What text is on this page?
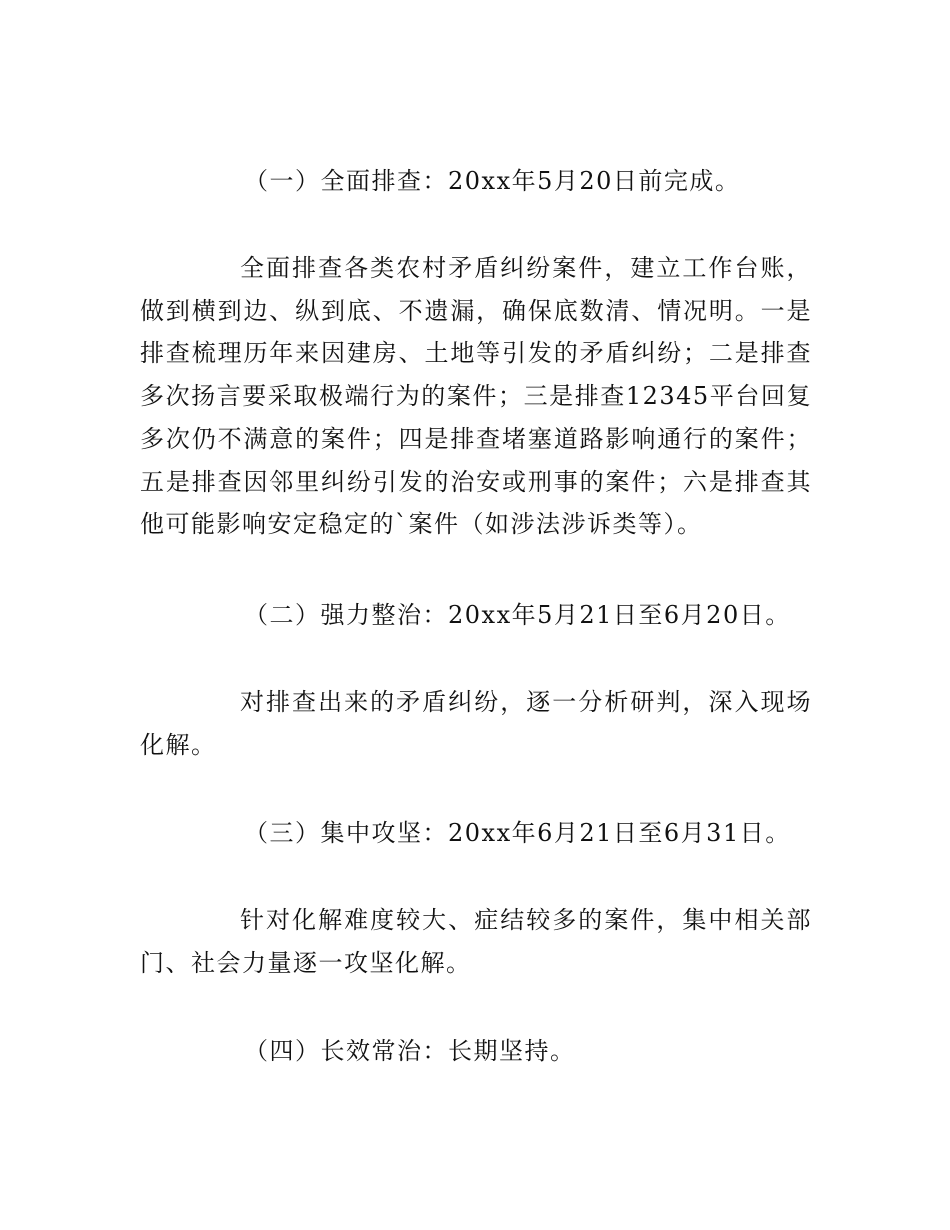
（一）全面排查：20xx年5月20日前完成。

全面排查各类农村矛盾纠纷案件，建立工作台账，做到横到边、纵到底、不遗漏，确保底数清、情况明。一是排查梳理历年来因建房、土地等引发的矛盾纠纷；二是排查多次扬言要采取极端行为的案件；三是排查12345平台回复多次仍不满意的案件；四是排查堵塞道路影响通行的案件；五是排查因邻里纠纷引发的治安或刑事的案件；六是排查其他可能影响安定稳定的`案件（如涉法涉诉类等）。

（二）强力整治：20xx年5月21日至6月20日。

对排查出来的矛盾纠纷，逐一分析研判，深入现场化解。

（三）集中攻坚：20xx年6月21日至6月31日。

针对化解难度较大、症结较多的案件，集中相关部门、社会力量逐一攻坚化解。

（四）长效常治：长期坚持。
